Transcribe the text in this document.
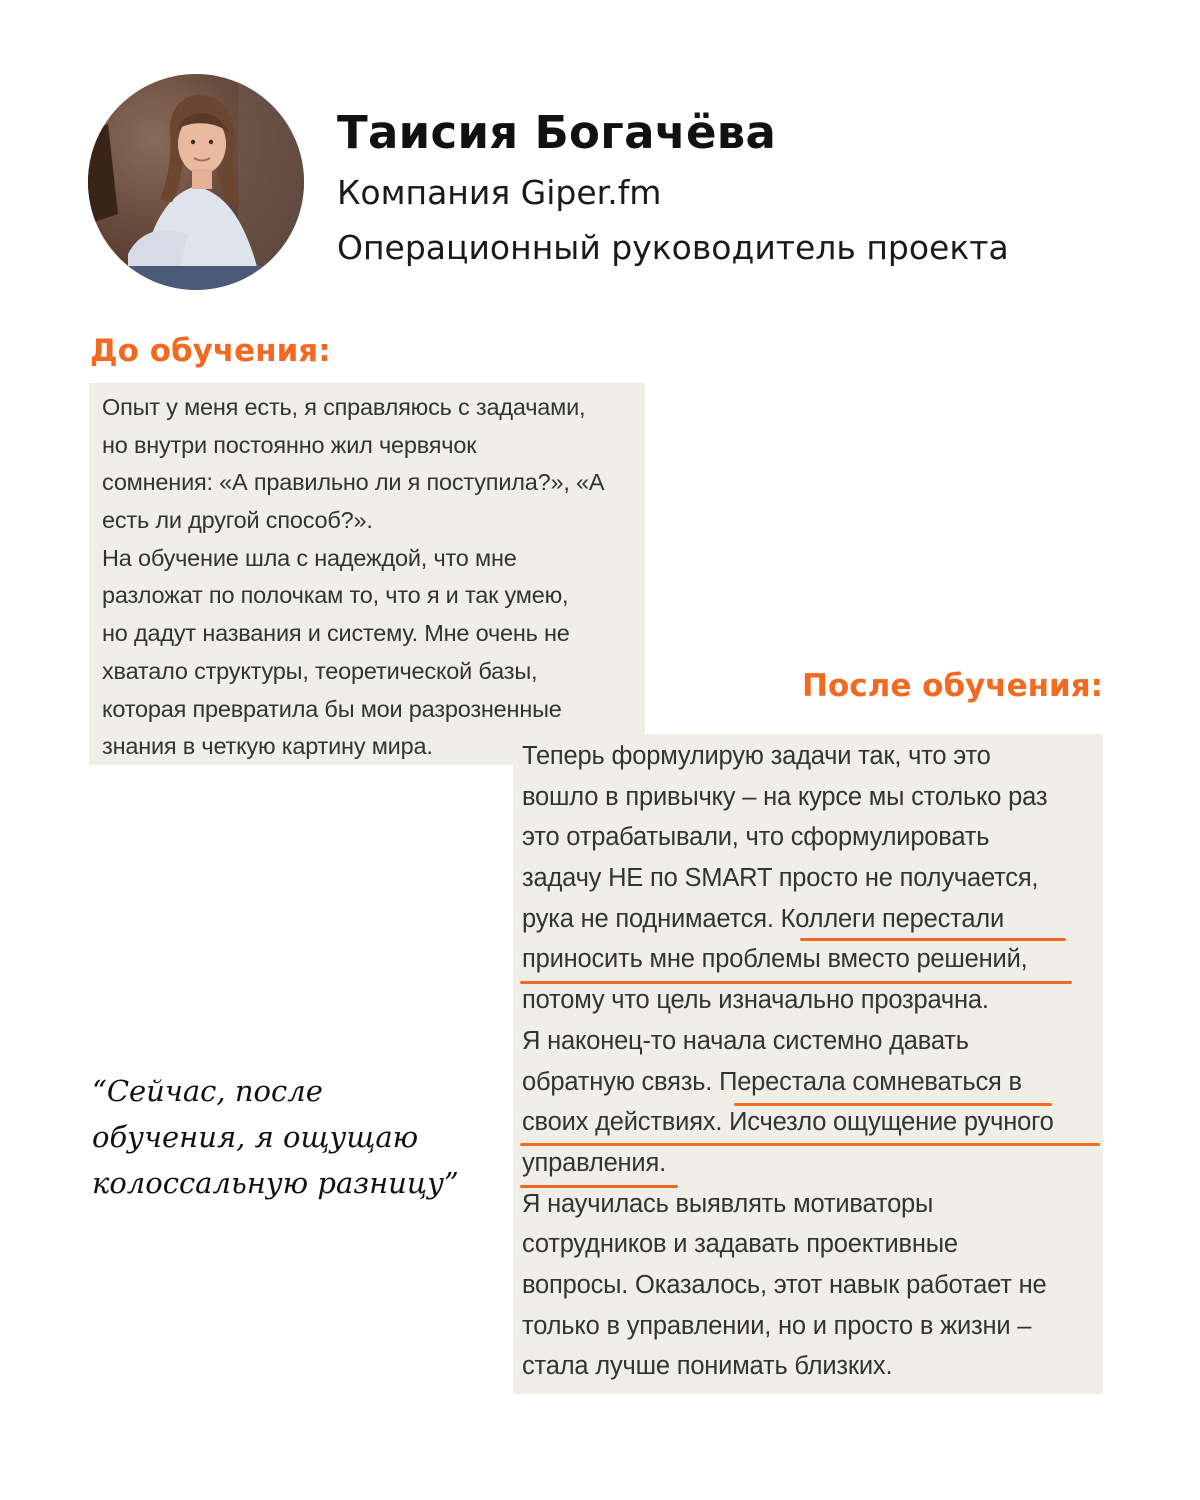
Таисия Богачёва
Компания Giper.fm
Операционный руководитель проекта
До обучения:
Опыт у меня есть, я справляюсь с задачами,
но внутри постоянно жил червячок
сомнения: «А правильно ли я поступила?», «А
есть ли другой способ?».
На обучение шла с надеждой, что мне
разложат по полочкам то, что я и так умею,
но дадут названия и систему. Мне очень не
хватало структуры, теоретической базы,
которая превратила бы мои разрозненные
знания в четкую картину мира.
После обучения:
Теперь формулирую задачи так, что это
вошло в привычку – на курсе мы столько раз
это отрабатывали, что сформулировать
задачу НЕ по SMART просто не получается,
рука не поднимается. Коллеги перестали
приносить мне проблемы вместо решений,
потому что цель изначально прозрачна.
Я наконец-то начала системно давать
обратную связь. Перестала сомневаться в
своих действиях. Исчезло ощущение ручного
управления.
Я научилась выявлять мотиваторы
сотрудников и задавать проективные
вопросы. Оказалось, этот навык работает не
только в управлении, но и просто в жизни –
стала лучше понимать близких.
“Сейчас, после
обучения, я ощущаю
колоссальную разницу”
